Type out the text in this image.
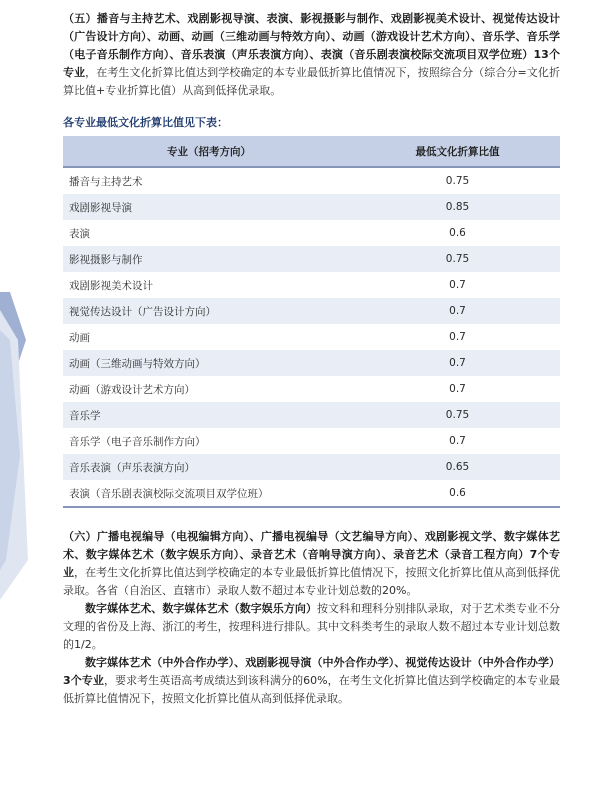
（五）播音与主持艺术、戏剧影视导演、表演、影视摄影与制作、戏剧影视美术设计、视觉传达设计（广告设计方向）、动画、动画（三维动画与特效方向）、动画（游戏设计艺术方向）、音乐学、音乐学（电子音乐制作方向）、音乐表演（声乐表演方向）、表演（音乐剧表演校际交流项目双学位班）13个专业，在考生文化折算比值达到学校确定的本专业最低折算比值情况下，按照综合分（综合分=文化折算比值+专业折算比值）从高到低择优录取。

各专业最低文化折算比值见下表：
专业（招考方向）	最低文化折算比值
播音与主持艺术	0.75
戏剧影视导演	0.85
表演	0.6
影视摄影与制作	0.75
戏剧影视美术设计	0.7
视觉传达设计（广告设计方向）	0.7
动画	0.7
动画（三维动画与特效方向）	0.7
动画（游戏设计艺术方向）	0.7
音乐学	0.75
音乐学（电子音乐制作方向）	0.7
音乐表演（声乐表演方向）	0.65
表演（音乐剧表演校际交流项目双学位班）	0.6

（六）广播电视编导（电视编辑方向）、广播电视编导（文艺编导方向）、戏剧影视文学、数字媒体艺术、数字媒体艺术（数字娱乐方向）、录音艺术（音响导演方向）、录音艺术（录音工程方向）7个专业，在考生文化折算比值达到学校确定的本专业最低折算比值情况下，按照文化折算比值从高到低择优录取。各省（自治区、直辖市）录取人数不超过本专业计划总数的20%。

数字媒体艺术、数字媒体艺术（数字娱乐方向）按文科和理科分别排队录取，对于艺术类专业不分文理的省份及上海、浙江的考生，按理科进行排队。其中文科类考生的录取人数不超过本专业计划总数的1/2。

数字媒体艺术（中外合作办学）、戏剧影视导演（中外合作办学）、视觉传达设计（中外合作办学）3个专业，要求考生英语高考成绩达到该科满分的60%，在考生文化折算比值达到学校确定的本专业最低折算比值情况下，按照文化折算比值从高到低择优录取。
